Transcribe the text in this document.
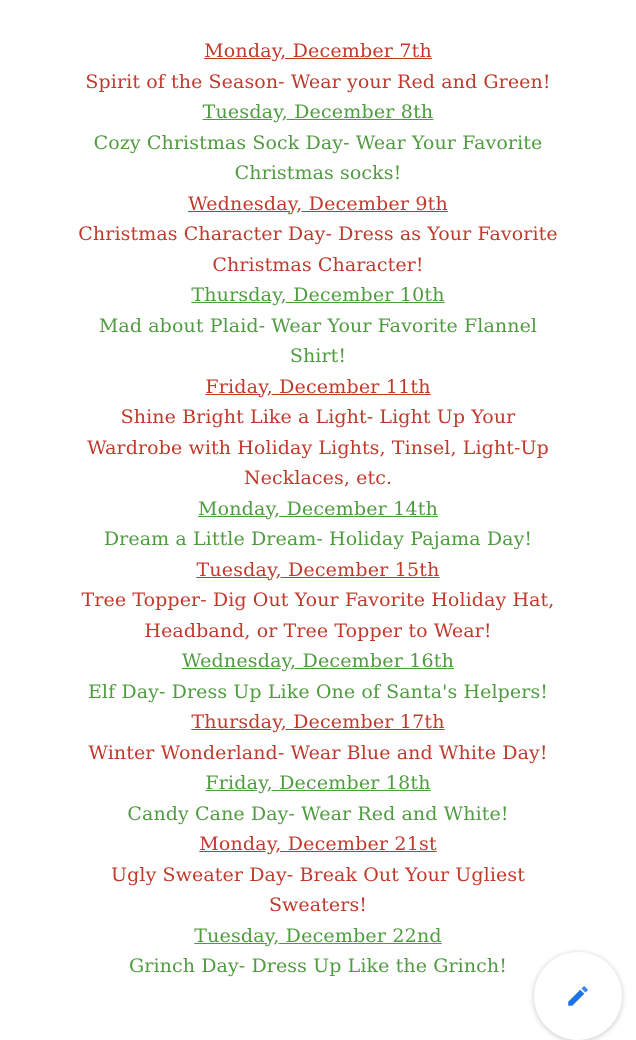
Monday, December 7th
Spirit of the Season- Wear your Red and Green!
Tuesday, December 8th
Cozy Christmas Sock Day- Wear Your Favorite Christmas socks!
Wednesday, December 9th
Christmas Character Day- Dress as Your Favorite Christmas Character!
Thursday, December 10th
Mad about Plaid- Wear Your Favorite Flannel Shirt!
Friday, December 11th
Shine Bright Like a Light- Light Up Your Wardrobe with Holiday Lights, Tinsel, Light-Up Necklaces, etc.
Monday, December 14th
Dream a Little Dream- Holiday Pajama Day!
Tuesday, December 15th
Tree Topper- Dig Out Your Favorite Holiday Hat, Headband, or Tree Topper to Wear!
Wednesday, December 16th
Elf Day- Dress Up Like One of Santa's Helpers!
Thursday, December 17th
Winter Wonderland- Wear Blue and White Day!
Friday, December 18th
Candy Cane Day- Wear Red and White!
Monday, December 21st
Ugly Sweater Day- Break Out Your Ugliest Sweaters!
Tuesday, December 22nd
Grinch Day- Dress Up Like the Grinch!
